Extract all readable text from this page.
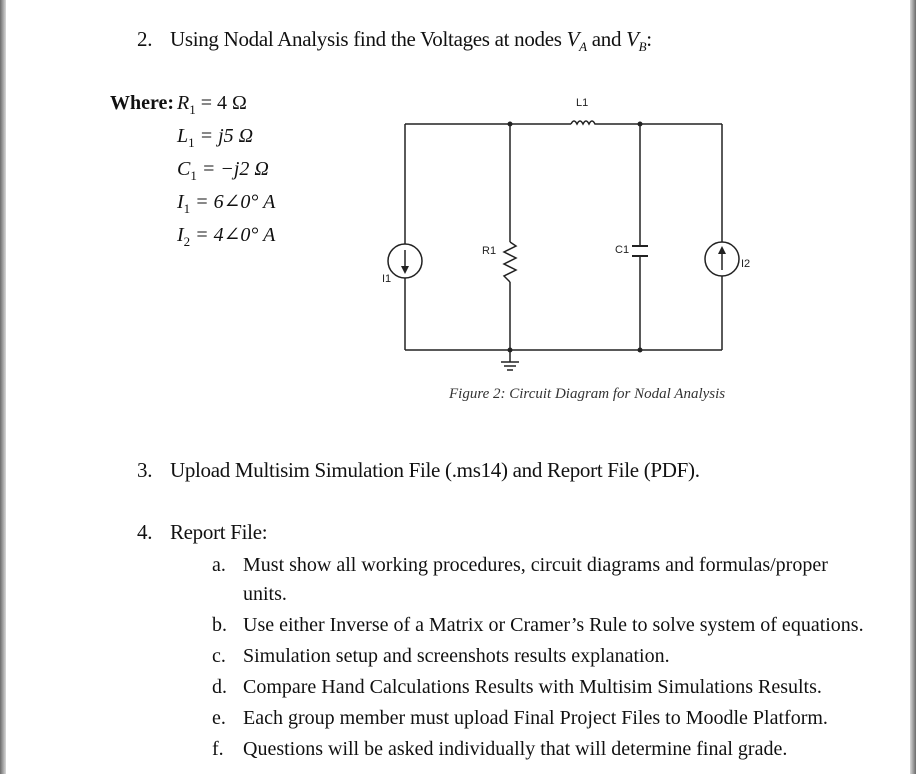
2. Using Nodal Analysis find the Voltages at nodes $V_A$ and $V_B$:
Where: $R_1 = 4$ Ω
$L_1 = j5$ Ω
$C_1 = -j2$ Ω
$I_1$ = 6∠0° A
$I_2$ = 4∠0° A
L1
R1	C1
I1
I2
Figure 2: Circuit Diagram for Nodal Analysis
3. Upload Multisim Simulation File (.ms14) and Report File (PDF).
4. Report File:
a. Must show all working procedures, circuit diagrams and formulas/proper
units.
b. Use either Inverse of a Matrix or Cramer’s Rule to solve system of equations.
c. Simulation setup and screenshots results explanation.
d. Compare Hand Calculations Results with Multisim Simulations Results.
e. Each group member must upload Final Project Files to Moodle Platform.
f. Questions will be asked individually that will determine final grade.
